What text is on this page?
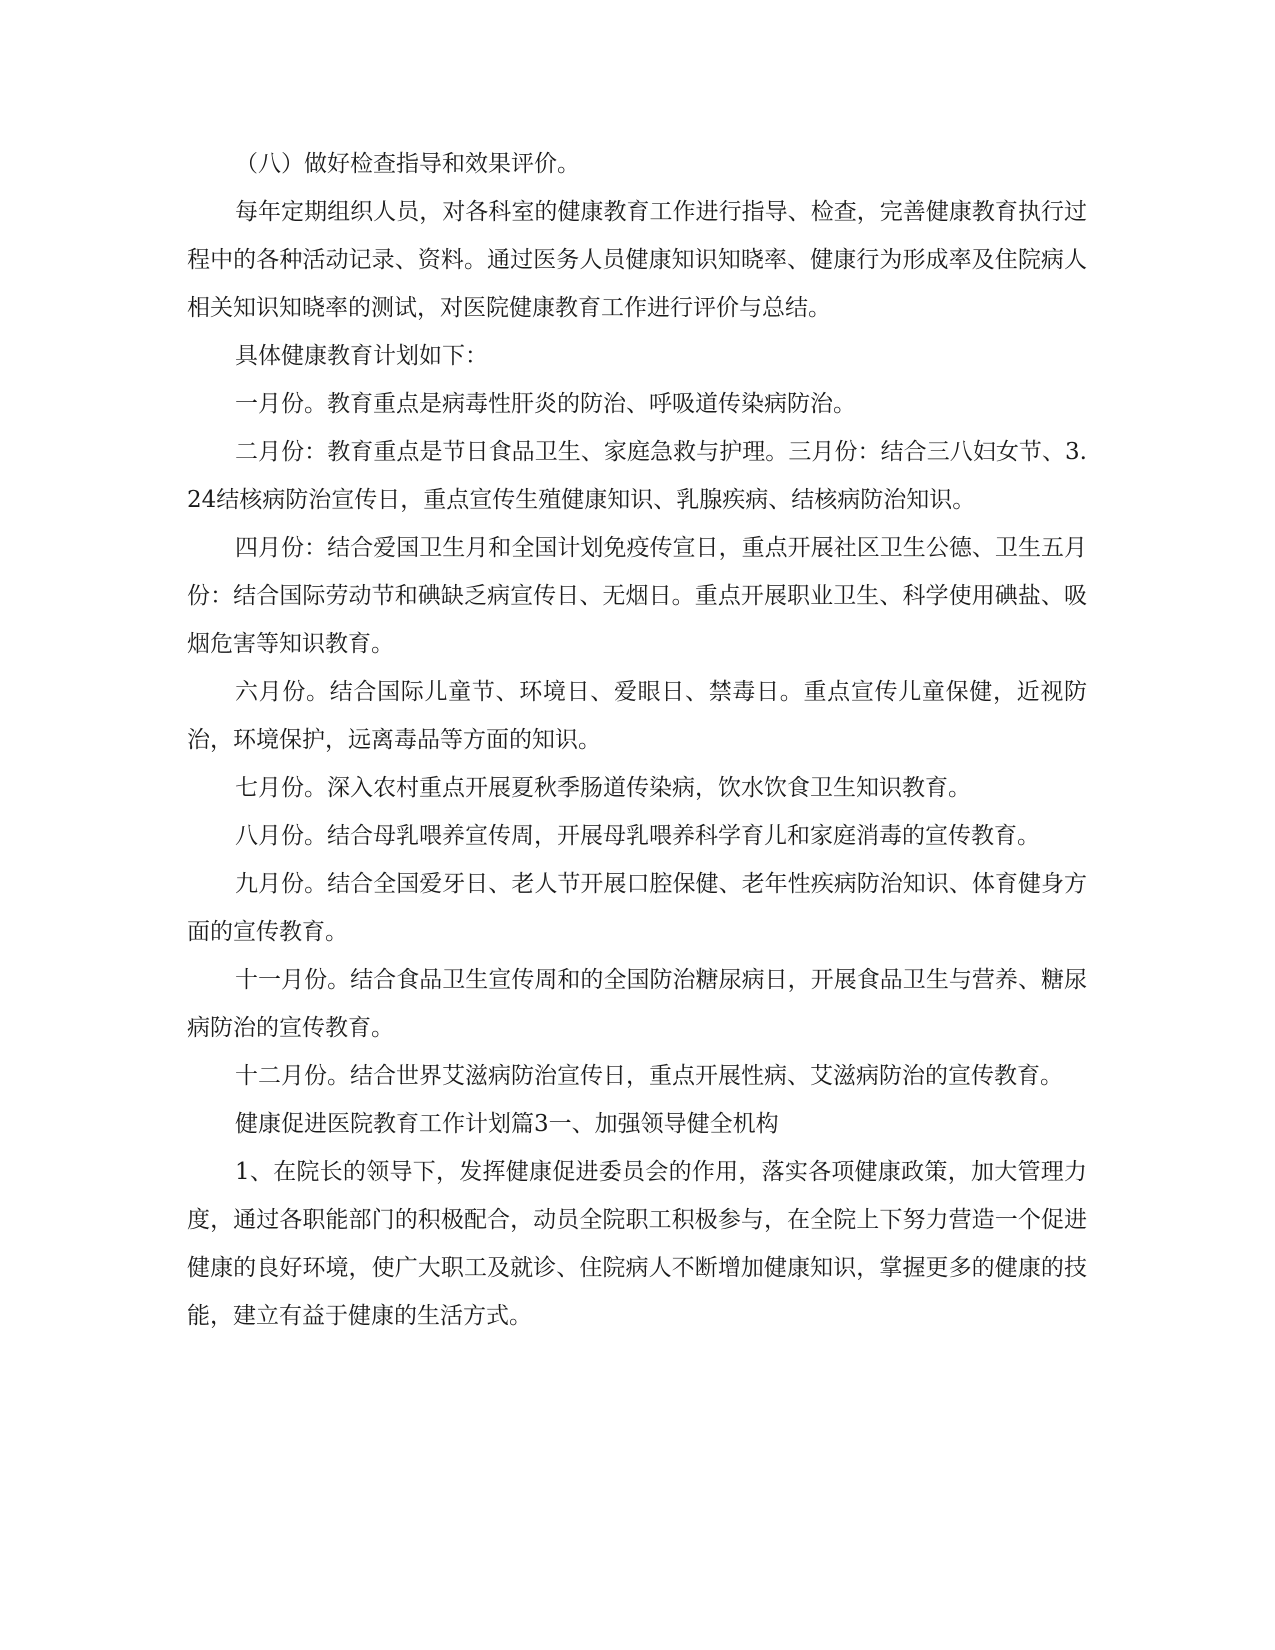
（八）做好检查指导和效果评价。

每年定期组织人员，对各科室的健康教育工作进行指导、检查，完善健康教育执行过程中的各种活动记录、资料。通过医务人员健康知识知晓率、健康行为形成率及住院病人相关知识知晓率的测试，对医院健康教育工作进行评价与总结。

具体健康教育计划如下：

一月份。教育重点是病毒性肝炎的防治、呼吸道传染病防治。

二月份：教育重点是节日食品卫生、家庭急救与护理。三月份：结合三八妇女节、3.24结核病防治宣传日，重点宣传生殖健康知识、乳腺疾病、结核病防治知识。

四月份：结合爱国卫生月和全国计划免疫传宣日，重点开展社区卫生公德、卫生五月份：结合国际劳动节和碘缺乏病宣传日、无烟日。重点开展职业卫生、科学使用碘盐、吸烟危害等知识教育。

六月份。结合国际儿童节、环境日、爱眼日、禁毒日。重点宣传儿童保健，近视防治，环境保护，远离毒品等方面的知识。

七月份。深入农村重点开展夏秋季肠道传染病，饮水饮食卫生知识教育。

八月份。结合母乳喂养宣传周，开展母乳喂养科学育儿和家庭消毒的宣传教育。

九月份。结合全国爱牙日、老人节开展口腔保健、老年性疾病防治知识、体育健身方面的宣传教育。

十一月份。结合食品卫生宣传周和的全国防治糖尿病日，开展食品卫生与营养、糖尿病防治的宣传教育。

十二月份。结合世界艾滋病防治宣传日，重点开展性病、艾滋病防治的宣传教育。

健康促进医院教育工作计划篇3一、加强领导健全机构

1、在院长的领导下，发挥健康促进委员会的作用，落实各项健康政策，加大管理力度，通过各职能部门的积极配合，动员全院职工积极参与，在全院上下努力营造一个促进健康的良好环境，使广大职工及就诊、住院病人不断增加健康知识，掌握更多的健康的技能，建立有益于健康的生活方式。
